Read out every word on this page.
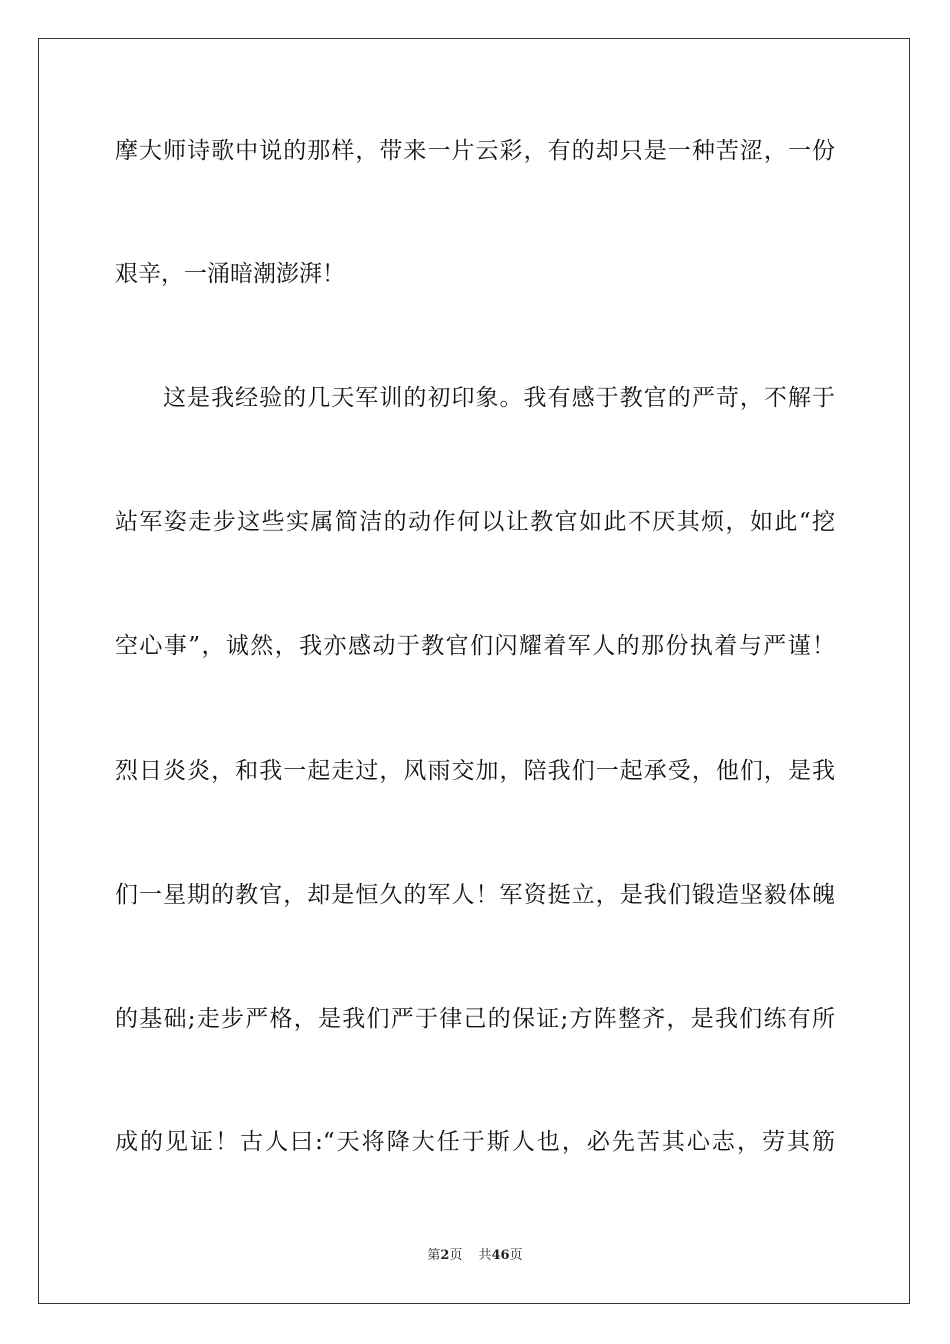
摩大师诗歌中说的那样，带来一片云彩，有的却只是一种苦涩，一份
艰辛，一涌暗潮澎湃！
这是我经验的几天军训的初印象。我有感于教官的严苛，不解于
站军姿走步这些实属简洁的动作何以让教官如此不厌其烦，如此“挖
空心事”，诚然，我亦感动于教官们闪耀着军人的那份执着与严谨！
烈日炎炎，和我一起走过，风雨交加，陪我们一起承受，他们，是我
们一星期的教官，却是恒久的军人！军资挺立，是我们锻造坚毅体魄
的基础;走步严格，是我们严于律己的保证;方阵整齐，是我们练有所
成的见证！古人曰:“天将降大任于斯人也，必先苦其心志，劳其筋
第2页 共46页
